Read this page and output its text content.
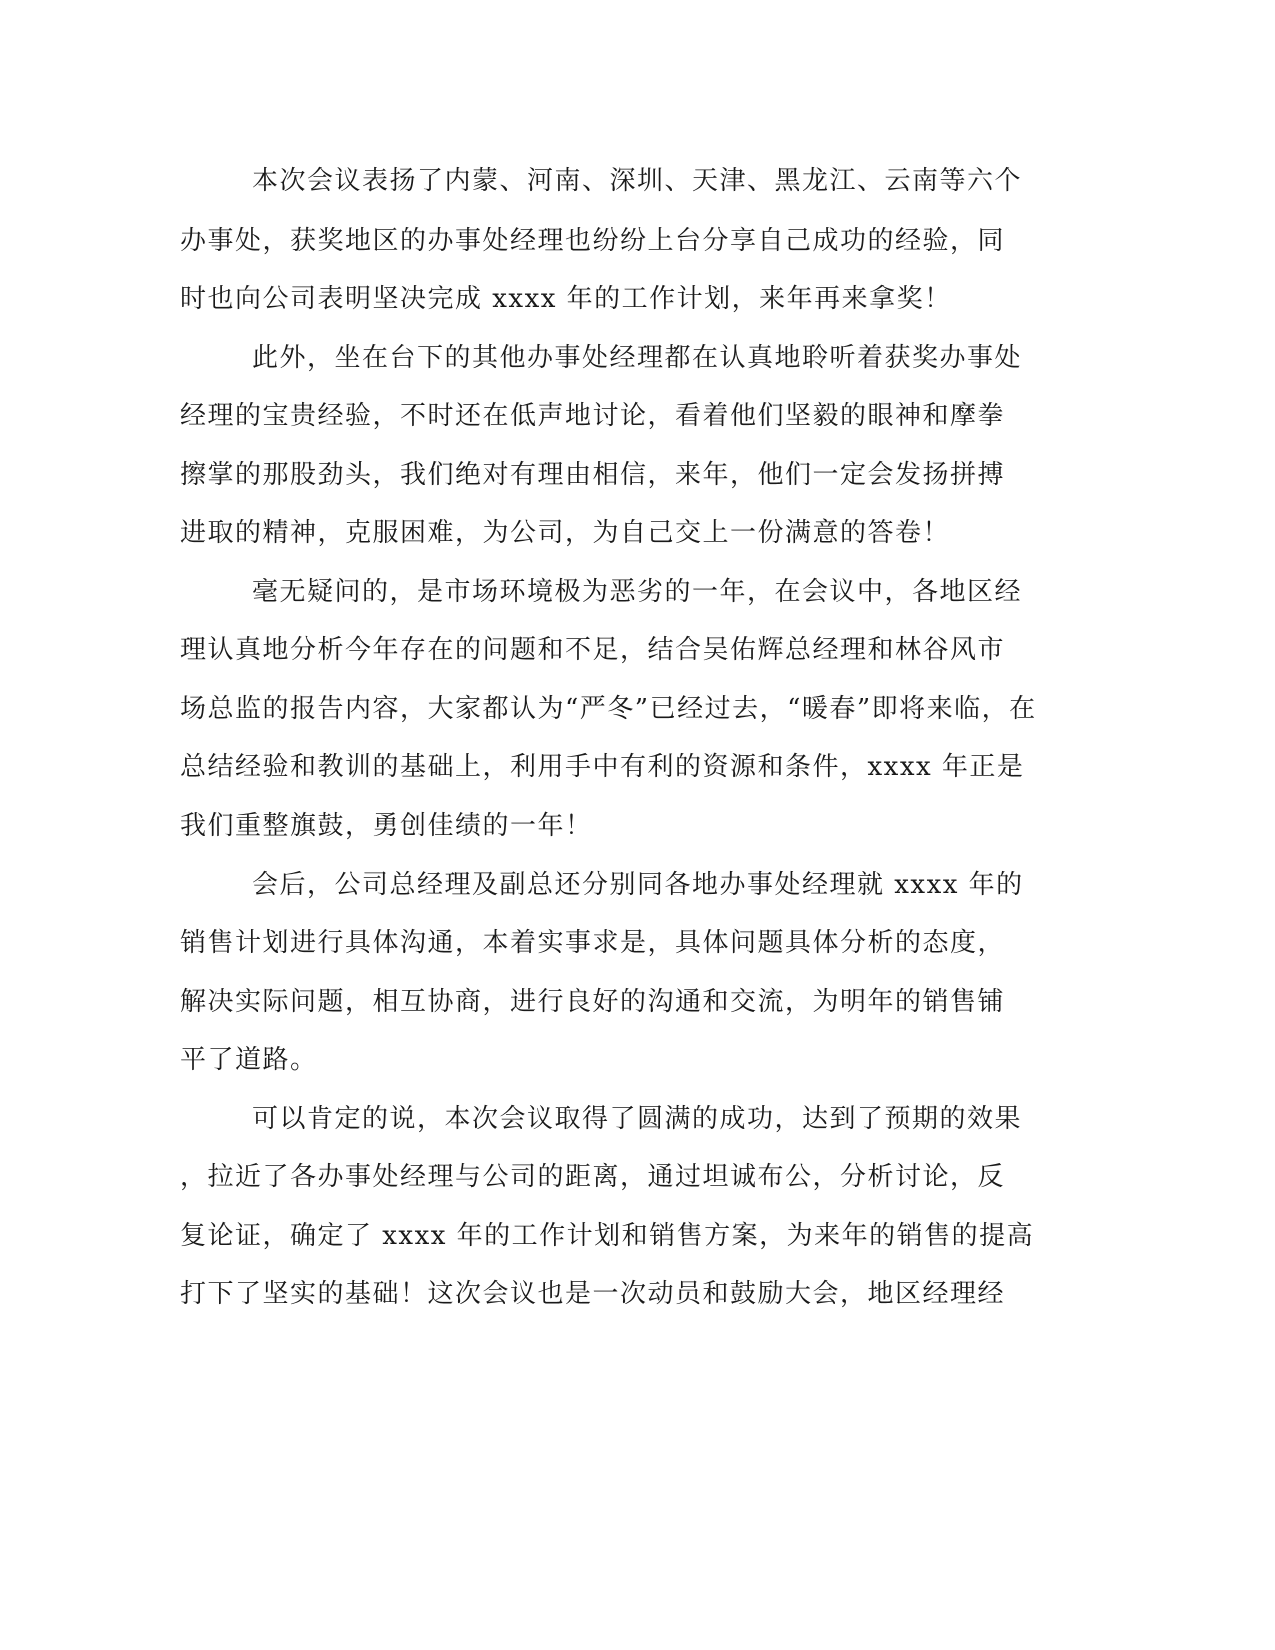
本次会议表扬了内蒙、河南、深圳、天津、黑龙江、云南等六个
办事处，获奖地区的办事处经理也纷纷上台分享自己成功的经验，同
时也向公司表明坚决完成 xxxx 年的工作计划，来年再来拿奖！
此外，坐在台下的其他办事处经理都在认真地聆听着获奖办事处
经理的宝贵经验，不时还在低声地讨论，看着他们坚毅的眼神和摩拳
擦掌的那股劲头，我们绝对有理由相信，来年，他们一定会发扬拼搏
进取的精神，克服困难，为公司，为自己交上一份满意的答卷！
毫无疑问的，是市场环境极为恶劣的一年，在会议中，各地区经
理认真地分析今年存在的问题和不足，结合吴佑辉总经理和林谷风市
场总监的报告内容，大家都认为“严冬”已经过去，“暖春”即将来临，在
总结经验和教训的基础上，利用手中有利的资源和条件，xxxx 年正是
我们重整旗鼓，勇创佳绩的一年！
会后，公司总经理及副总还分别同各地办事处经理就 xxxx 年的
销售计划进行具体沟通，本着实事求是，具体问题具体分析的态度，
解决实际问题，相互协商，进行良好的沟通和交流，为明年的销售铺
平了道路。
可以肯定的说，本次会议取得了圆满的成功，达到了预期的效果
，拉近了各办事处经理与公司的距离，通过坦诚布公，分析讨论，反
复论证，确定了 xxxx 年的工作计划和销售方案，为来年的销售的提高
打下了坚实的基础！这次会议也是一次动员和鼓励大会，地区经理经
